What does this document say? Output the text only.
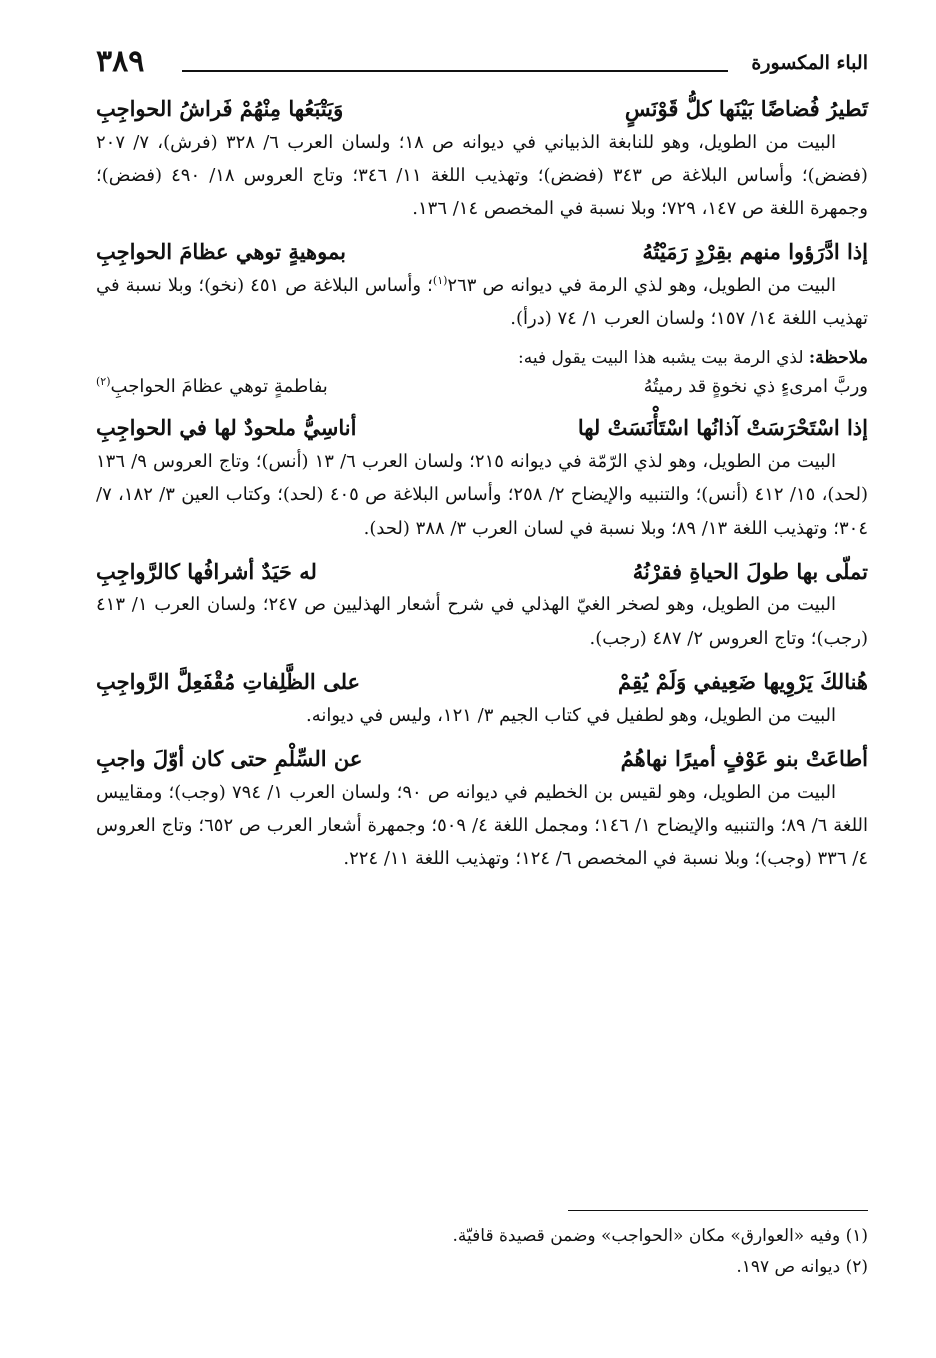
الباء المكسورة
٣٨٩
تَطيرُ فُضاضًا بَيْنَها كلُّ قَوْنَسٍ
وَيَتْبَعُها مِنْهُمْ فَراشُ الحواجِبِ

البيت من الطويل، وهو للنابغة الذبياني في ديوانه ص ١٨؛ ولسان العرب ٦/ ٣٢٨ (فرش)، ٧/ ٢٠٧ (فضض)؛ وأساس البلاغة ص ٣٤٣ (فضض)؛ وتهذيب اللغة ١١/ ٣٤٦؛ وتاج العروس ١٨/ ٤٩٠ (فضض)؛ وجمهرة اللغة ص ١٤٧، ٧٢٩؛ وبلا نسبة في المخصص ١٤/ ١٣٦.

إذا ادَّرَؤوا منهم بقِرْدٍ رَمَيْتُهُ
بموهيةٍ توهي عظامَ الحواجِبِ

البيت من الطويل، وهو لذي الرمة في ديوانه ص ٢٦٣$^{(١)}$؛ وأساس البلاغة ص ٤٥١ (نخو)؛ وبلا نسبة في تهذيب اللغة ١٤/ ١٥٧؛ ولسان العرب ١/ ٧٤ (درأ).

ملاحظة: لذي الرمة بيت يشبه هذا البيت يقول فيه:

وربَّ امرىءٍ ذي نخوةٍ قد رميتُهُ
بفاطمةٍ توهي عظامَ الحواجبِ$^{(٢)}$
إذا اسْتَحْرَسَتْ آذانُها اسْتَأْنَسَتْ لها
أناسِيُّ ملحودٌ لها في الحواجِبِ

البيت من الطويل، وهو لذي الرّمّة في ديوانه ٢١٥؛ ولسان العرب ٦/ ١٣ (أنس)؛ وتاج العروس ٩/ ١٣٦ (لحد)، ١٥/ ٤١٢ (أنس)؛ والتنبيه والإيضاح ٢/ ٢٥٨؛ وأساس البلاغة ص ٤٠٥ (لحد)؛ وكتاب العين ٣/ ١٨٢، ٧/ ٣٠٤؛ وتهذيب اللغة ١٣/ ٨٩؛ وبلا نسبة في لسان العرب ٣/ ٣٨٨ (لحد).

تملّى بها طولَ الحياةِ فقرْنُهُ
له حَيَدٌ أشرافُها كالرَّواجِبِ

البيت من الطويل، وهو لصخر الغيّ الهذلي في شرح أشعار الهذليين ص ٢٤٧؛ ولسان العرب ١/ ٤١٣ (رجب)؛ وتاج العروس ٢/ ٤٨٧ (رجب).

هُنالكَ يَرْوِيها ضَعِيفي وَلَمْ يُقِمْ
على الظَّلِفاتِ مُقْفَعِلَّ الرَّواجِبِ

البيت من الطويل، وهو لطفيل في كتاب الجيم ٣/ ١٢١، وليس في ديوانه.

أطاعَتْ بنو عَوْفٍ أميرًا نهاهُمُ
عن السِّلْمِ حتى كان أوّلَ واجبِ

البيت من الطويل، وهو لقيس بن الخطيم في ديوانه ص ٩٠؛ ولسان العرب ١/ ٧٩٤ (وجب)؛ ومقاييس اللغة ٦/ ٨٩؛ والتنبيه والإيضاح ١/ ١٤٦؛ ومجمل اللغة ٤/ ٥٠٩؛ وجمهرة أشعار العرب ص ٦٥٢؛ وتاج العروس ٤/ ٣٣٦ (وجب)؛ وبلا نسبة في المخصص ٦/ ١٢٤؛ وتهذيب اللغة ١١/ ٢٢٤.

(١) وفيه «العوارق» مكان «الحواجب» وضمن قصيدة قافيّة.

(٢) ديوانه ص ١٩٧.
